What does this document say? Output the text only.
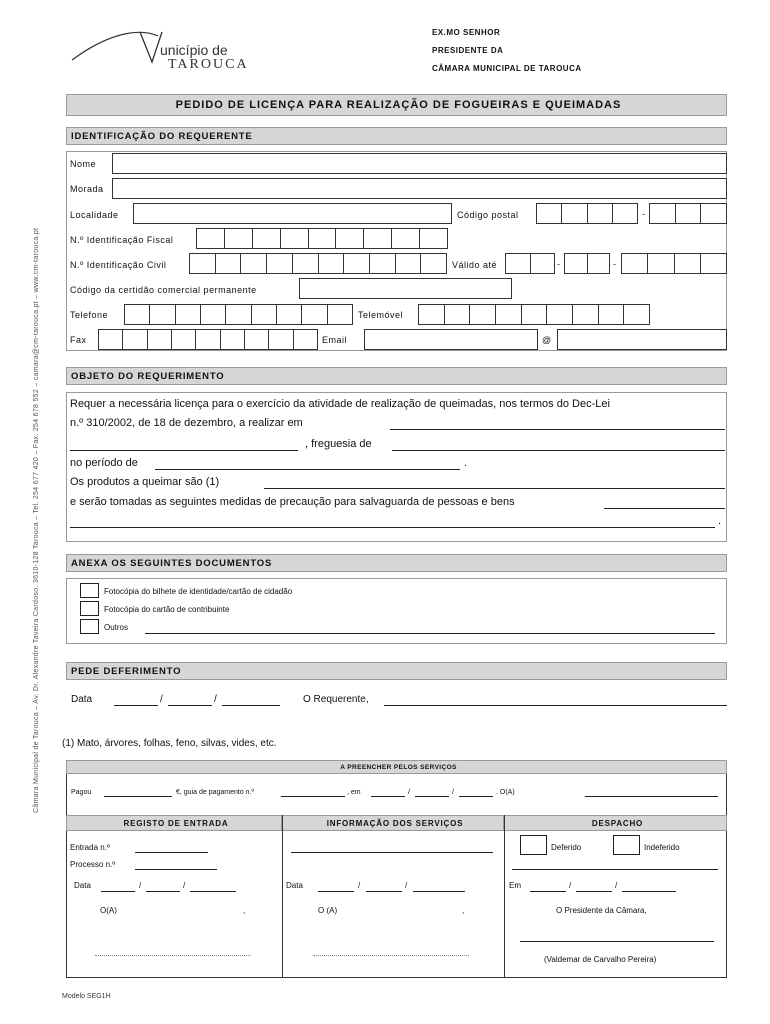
unicípio de
TAROUCA
EX.MO SENHOR
PRESIDENTE DA
CÂMARA MUNICIPAL DE TAROUCA
Câmara Municipal de Tarouca – Av. Dr. Alexandre Taveira Cardoso. 3610-128 Tarouca – Tel. 254 677 420 – Fax. 254 678 552 – camara@cm-tarouca.pt – www.cm-tarouca.pt
PEDIDO DE LICENÇA PARA REALIZAÇÃO DE FOGUEIRAS E QUEIMADAS
IDENTIFICAÇÃO DO REQUERENTE
Nome
Morada
Localidade	Código postal	-
N.º Identificação Fiscal
N.º Identificação Civil	Válido até	-	-
Código da certidão comercial permanente
Telefone	Telemóvel
Fax	Email	@
OBJETO DO REQUERIMENTO
Requer a necessária licença para o exercício da atividade de realização de queimadas, nos termos do Dec-Lei
n.º 310/2002, de 18 de dezembro, a realizar em
, freguesia de
no período de	.
Os produtos a queimar são (1)
e serão tomadas as seguintes medidas de precaução para salvaguarda de pessoas e bens
.
ANEXA OS SEGUINTES DOCUMENTOS
Fotocópia do bilhete de identidade/cartão de cidadão
Fotocópia do cartão de contribuinte
Outros
PEDE DEFERIMENTO
Data	/	/	O Requerente,
(1) Mato, árvores, folhas, feno, silvas, vides, etc.
A PREENCHER PELOS SERVIÇOS
Pagou	€, guia de pagamento n.º	, em	/	/	. O(A)
REGISTO DE ENTRADA	INFORMAÇÃO DOS SERVIÇOS	DESPACHO
Entrada n.º
Processo n.º
Data	/	/
O(A)	,
Data	/	/
O (A)	,
Deferido	Indeferido
Em	/	/
O Presidente da Câmara,
(Valdemar de Carvalho Pereira)
Modelo SEG1H
